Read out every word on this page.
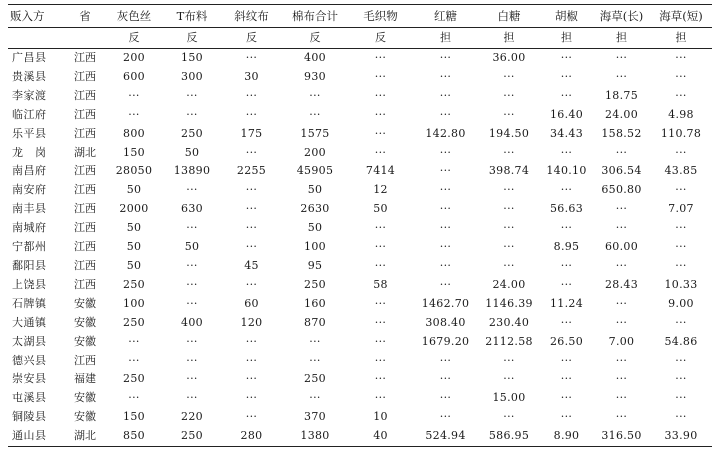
贩入方	省	灰色丝	T布料	斜纹布	棉布合计	毛织物	红糖	白糖	胡椒	海草(长)	海草(短)
		反	反	反	反	反	担	担	担	担	担
广昌县	江西	200	150	···	400	···	···	36.00	···	···	···
贵溪县	江西	600	300	30	930	···	···	···	···	···	···
李家渡	江西	···	···	···	···	···	···	···	···	18.75	···
临江府	江西	···	···	···	···	···	···	···	16.40	24.00	4.98
乐平县	江西	800	250	175	1575	···	142.80	194.50	34.43	158.52	110.78
龙　岗	湖北	150	50	···	200	···	···	···	···	···	···
南昌府	江西	28050	13890	2255	45905	7414	···	398.74	140.10	306.54	43.85
南安府	江西	50	···	···	50	12	···	···	···	650.80	···
南丰县	江西	2000	630	···	2630	50	···	···	56.63	···	7.07
南城府	江西	50	···	···	50	···	···	···	···	···	···
宁都州	江西	50	50	···	100	···	···	···	8.95	60.00	···
鄱阳县	江西	50	···	45	95	···	···	···	···	···	···
上饶县	江西	250	···	···	250	58	···	24.00	···	28.43	10.33
石牌镇	安徽	100	···	60	160	···	1462.70	1146.39	11.24	···	9.00
大通镇	安徽	250	400	120	870	···	308.40	230.40	···	···	···
太湖县	安徽	···	···	···	···	···	1679.20	2112.58	26.50	7.00	54.86
德兴县	江西	···	···	···	···	···	···	···	···	···	···
崇安县	福建	250	···	···	250	···	···	···	···	···	···
屯溪县	安徽	···	···	···	···	···	···	15.00	···	···	···
铜陵县	安徽	150	220	···	370	10	···	···	···	···	···
通山县	湖北	850	250	280	1380	40	524.94	586.95	8.90	316.50	33.90
